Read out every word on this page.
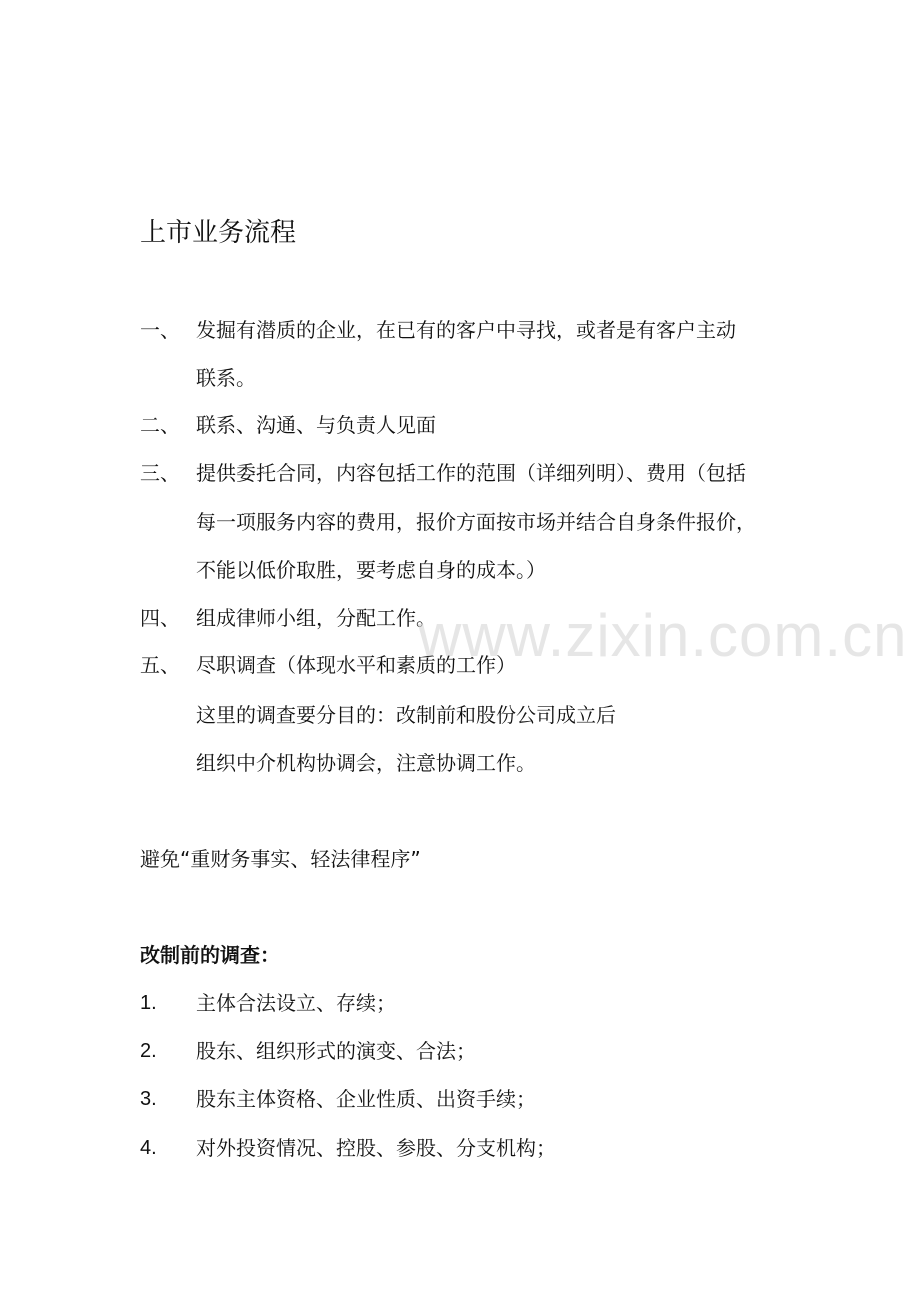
上市业务流程
一、 发掘有潜质的企业，在已有的客户中寻找，或者是有客户主动
联系。
二、 联系、沟通、与负责人见面
三、 提供委托合同，内容包括工作的范围（详细列明）、费用（包括
每一项服务内容的费用，报价方面按市场并结合自身条件报价，
不能以低价取胜，要考虑自身的成本。）
四、 组成律师小组，分配工作。
五、 尽职调查（体现水平和素质的工作）
这里的调查要分目的：改制前和股份公司成立后
组织中介机构协调会，注意协调工作。
避免“重财务事实、轻法律程序”
改制前的调查：
1. 主体合法设立、存续；
2. 股东、组织形式的演变、合法；
3. 股东主体资格、企业性质、出资手续；
4. 对外投资情况、控股、参股、分支机构；
www.zixin.com.cn
